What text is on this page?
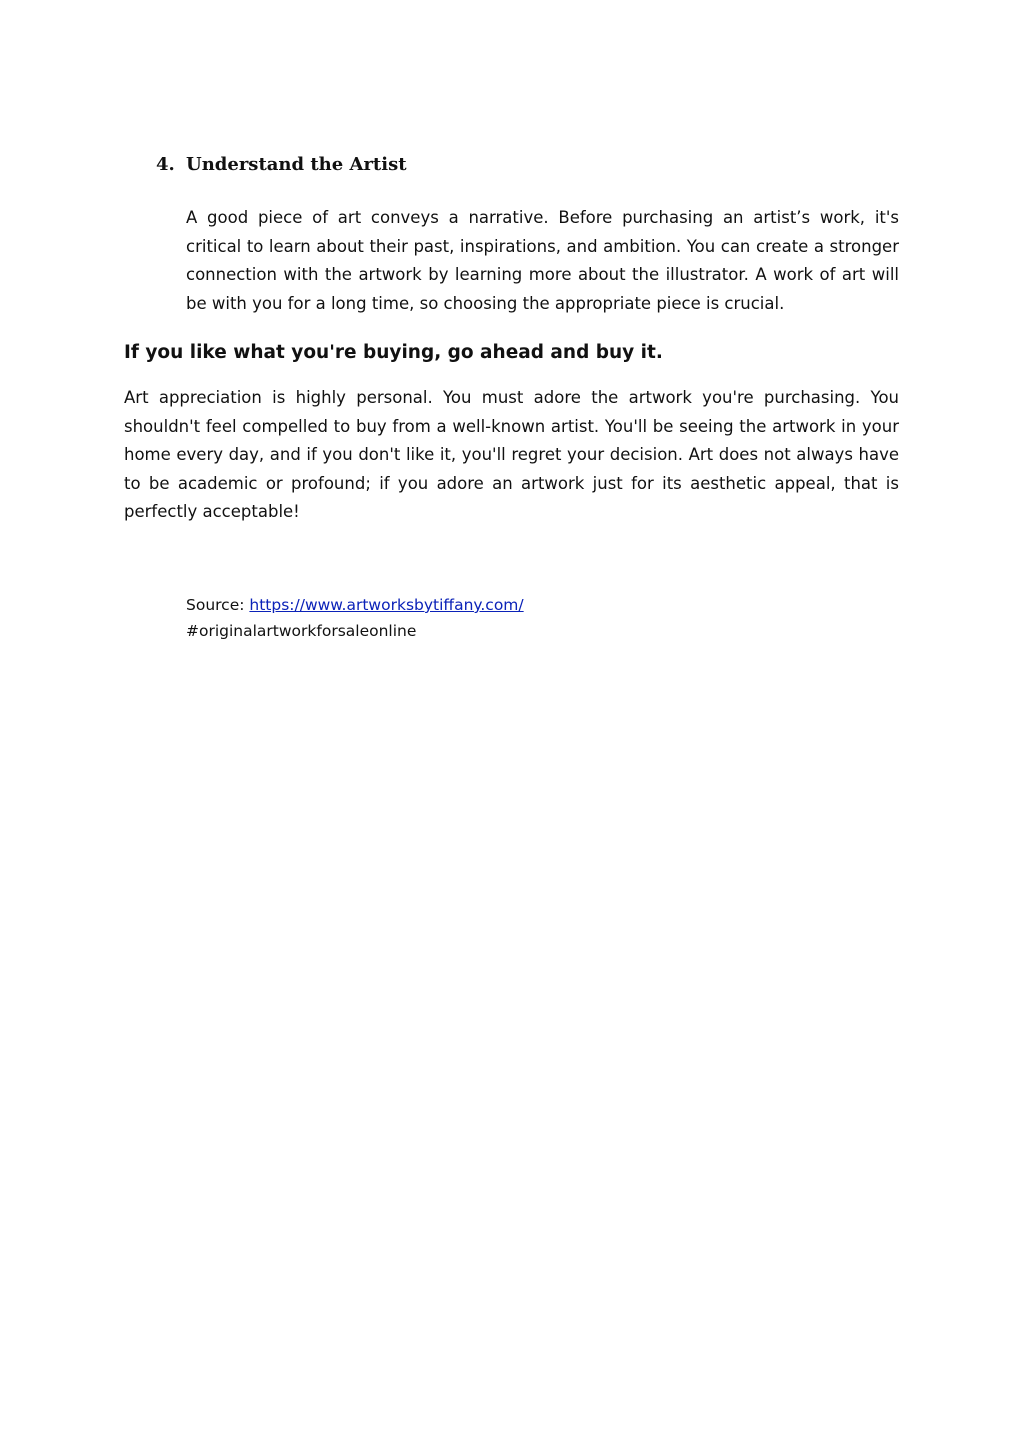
4. Understand the Artist

A good piece of art conveys a narrative. Before purchasing an artist’s work, it's critical to learn about their past, inspirations, and ambition. You can create a stronger connection with the artwork by learning more about the illustrator. A work of art will be with you for a long time, so choosing the appropriate piece is crucial.

If you like what you're buying, go ahead and buy it.

Art appreciation is highly personal. You must adore the artwork you're purchasing. You shouldn't feel compelled to buy from a well-known artist. You'll be seeing the artwork in your home every day, and if you don't like it, you'll regret your decision. Art does not always have to be academic or profound; if you adore an artwork just for its aesthetic appeal, that is perfectly acceptable!

Source: https://www.artworksbytiffany.com/
#originalartworkforsaleonline
